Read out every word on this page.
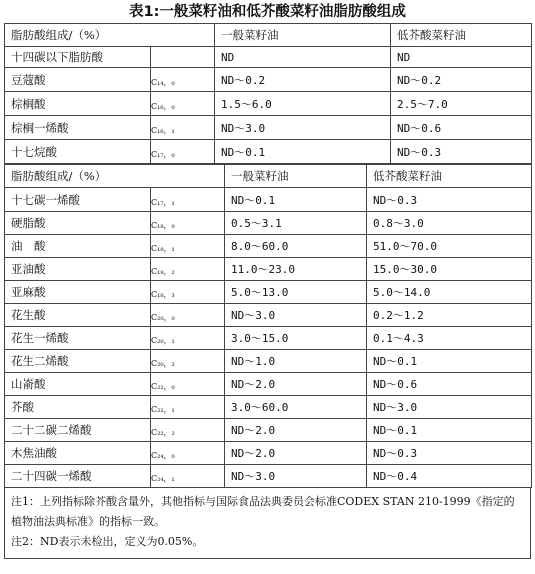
表1:一般菜籽油和低芥酸菜籽油脂肪酸组成
脂肪酸组成/（%）		一般菜籽油	低芥酸菜籽油
十四碳以下脂肪酸		ND	ND
豆蔻酸	C₁₄，₀	ND～0.2	ND～0.2
棕榈酸	C₁₆，₀	1.5～6.0	2.5～7.0
棕榈一烯酸	C₁₆，₁	ND～3.0	ND～0.6
十七烷酸	C₁₇，₀	ND～0.1	ND～0.3
脂肪酸组成/（%）		一般菜籽油	低芥酸菜籽油
十七碳一烯酸	C₁₇，₁	ND～0.1	ND～0.3
硬脂酸	C₁₈，₀	0.5～3.1	0.8～3.0
油　酸	C₁₈，₁	8.0～60.0	51.0～70.0
亚油酸	C₁₈，₂	11.0～23.0	15.0～30.0
亚麻酸	C₁₈，₃	5.0～13.0	5.0～14.0
花生酸	C₂₀，₀	ND～3.0	0.2～1.2
花生一烯酸	C₂₀，₁	3.0～15.0	0.1～4.3
花生二烯酸	C₂₀，₂	ND～1.0	ND～0.1
山嵛酸	C₂₂，₀	ND～2.0	ND～0.6
芥酸	C₂₂，₁	3.0～60.0	ND～3.0
二十二碳二烯酸	C₂₂，₂	ND～2.0	ND～0.1
木焦油酸	C₂₄，₀	ND～2.0	ND～0.3
二十四碳一烯酸	C₂₄，₁	ND～3.0	ND～0.4
注1：上列指标除芥酸含量外，其他指标与国际食品法典委员会标准CODEX STAN 210-1999《指定的植物油法典标准》的指标一致。
注2：ND表示未检出，定义为0.05%。
